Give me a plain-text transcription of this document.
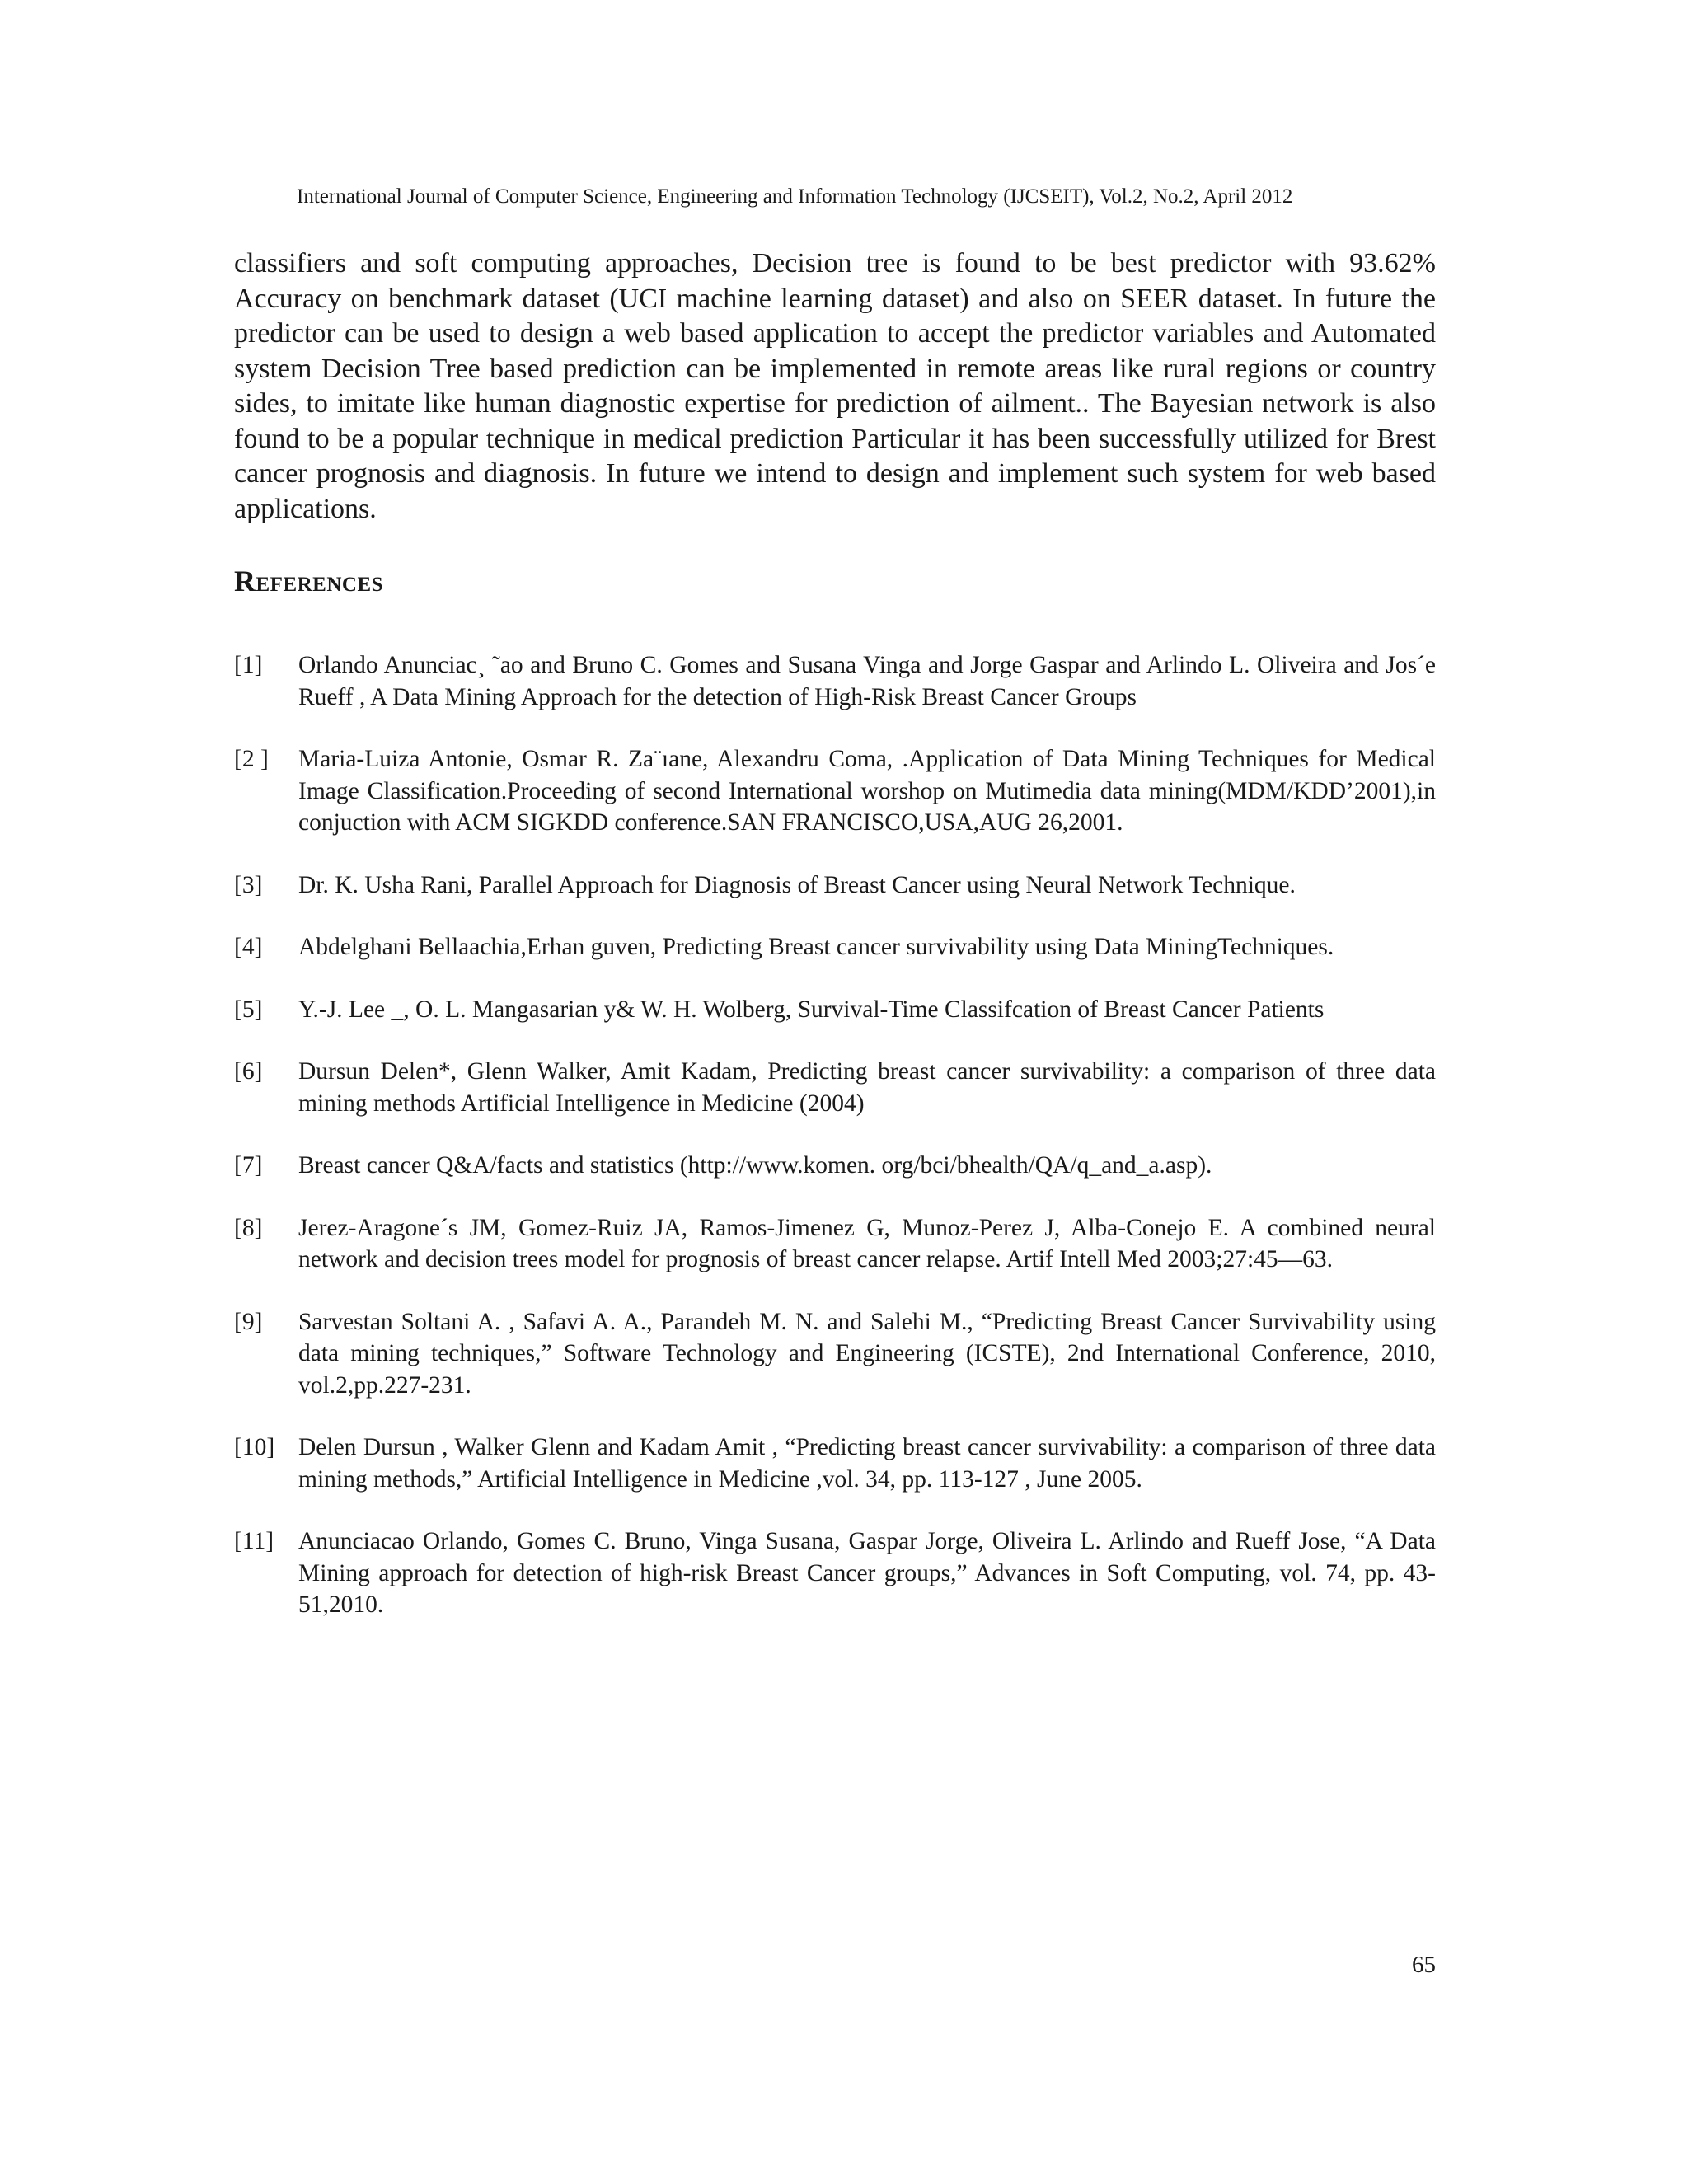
International Journal of Computer Science, Engineering and Information Technology (IJCSEIT), Vol.2, No.2, April 2012

classifiers and soft computing approaches, Decision tree is found to be best predictor with 93.62% Accuracy on benchmark dataset (UCI machine learning dataset) and also on SEER dataset. In future the predictor can be used to design a web based application to accept the predictor variables and Automated system Decision Tree based prediction can be implemented in remote areas like rural regions or country sides, to imitate like human diagnostic expertise for prediction of ailment.. The Bayesian network is also found to be a popular technique in medical prediction Particular it has been successfully utilized for Brest cancer prognosis and diagnosis. In future we intend to design and implement such system for web based applications.

References
[1] Orlando Anunciac¸ ˜ao and Bruno C. Gomes and Susana Vinga and Jorge Gaspar and Arlindo L. Oliveira and Jos´e Rueff , A Data Mining Approach for the detection of High-Risk Breast Cancer Groups
[2 ] Maria-Luiza Antonie, Osmar R. Za¨ıane, Alexandru Coma, .Application of Data Mining Techniques for Medical Image Classification.Proceeding of second International worshop on Mutimedia data mining(MDM/KDD’2001),in conjuction with ACM SIGKDD conference.SAN FRANCISCO,USA,AUG 26,2001.
[3] Dr. K. Usha Rani, Parallel Approach for Diagnosis of Breast Cancer using Neural Network Technique.
[4] Abdelghani Bellaachia,Erhan guven, Predicting Breast cancer survivability using Data MiningTechniques.
[5] Y.-J. Lee _, O. L. Mangasarian y& W. H. Wolberg, Survival-Time Classifcation of Breast Cancer Patients
[6] Dursun Delen*, Glenn Walker, Amit Kadam, Predicting breast cancer survivability: a comparison of three data mining methods Artificial Intelligence in Medicine (2004)
[7] Breast cancer Q&A/facts and statistics (http://www.komen. org/bci/bhealth/QA/q_and_a.asp).
[8] Jerez-Aragone´s JM, Gomez-Ruiz JA, Ramos-Jimenez G, Munoz-Perez J, Alba-Conejo E. A combined neural network and decision trees model for prognosis of breast cancer relapse. Artif Intell Med 2003;27:45—63.
[9] Sarvestan Soltani A. , Safavi A. A., Parandeh M. N. and Salehi M., “Predicting Breast Cancer Survivability using data mining techniques,” Software Technology and Engineering (ICSTE), 2nd International Conference, 2010, vol.2,pp.227-231.
[10] Delen Dursun , Walker Glenn and Kadam Amit , “Predicting breast cancer survivability: a comparison of three data mining methods,” Artificial Intelligence in Medicine ,vol. 34, pp. 113-127 , June 2005.
[11] Anunciacao Orlando, Gomes C. Bruno, Vinga Susana, Gaspar Jorge, Oliveira L. Arlindo and Rueff Jose, “A Data Mining approach for detection of high-risk Breast Cancer groups,” Advances in Soft Computing, vol. 74, pp. 43-51,2010.
65
